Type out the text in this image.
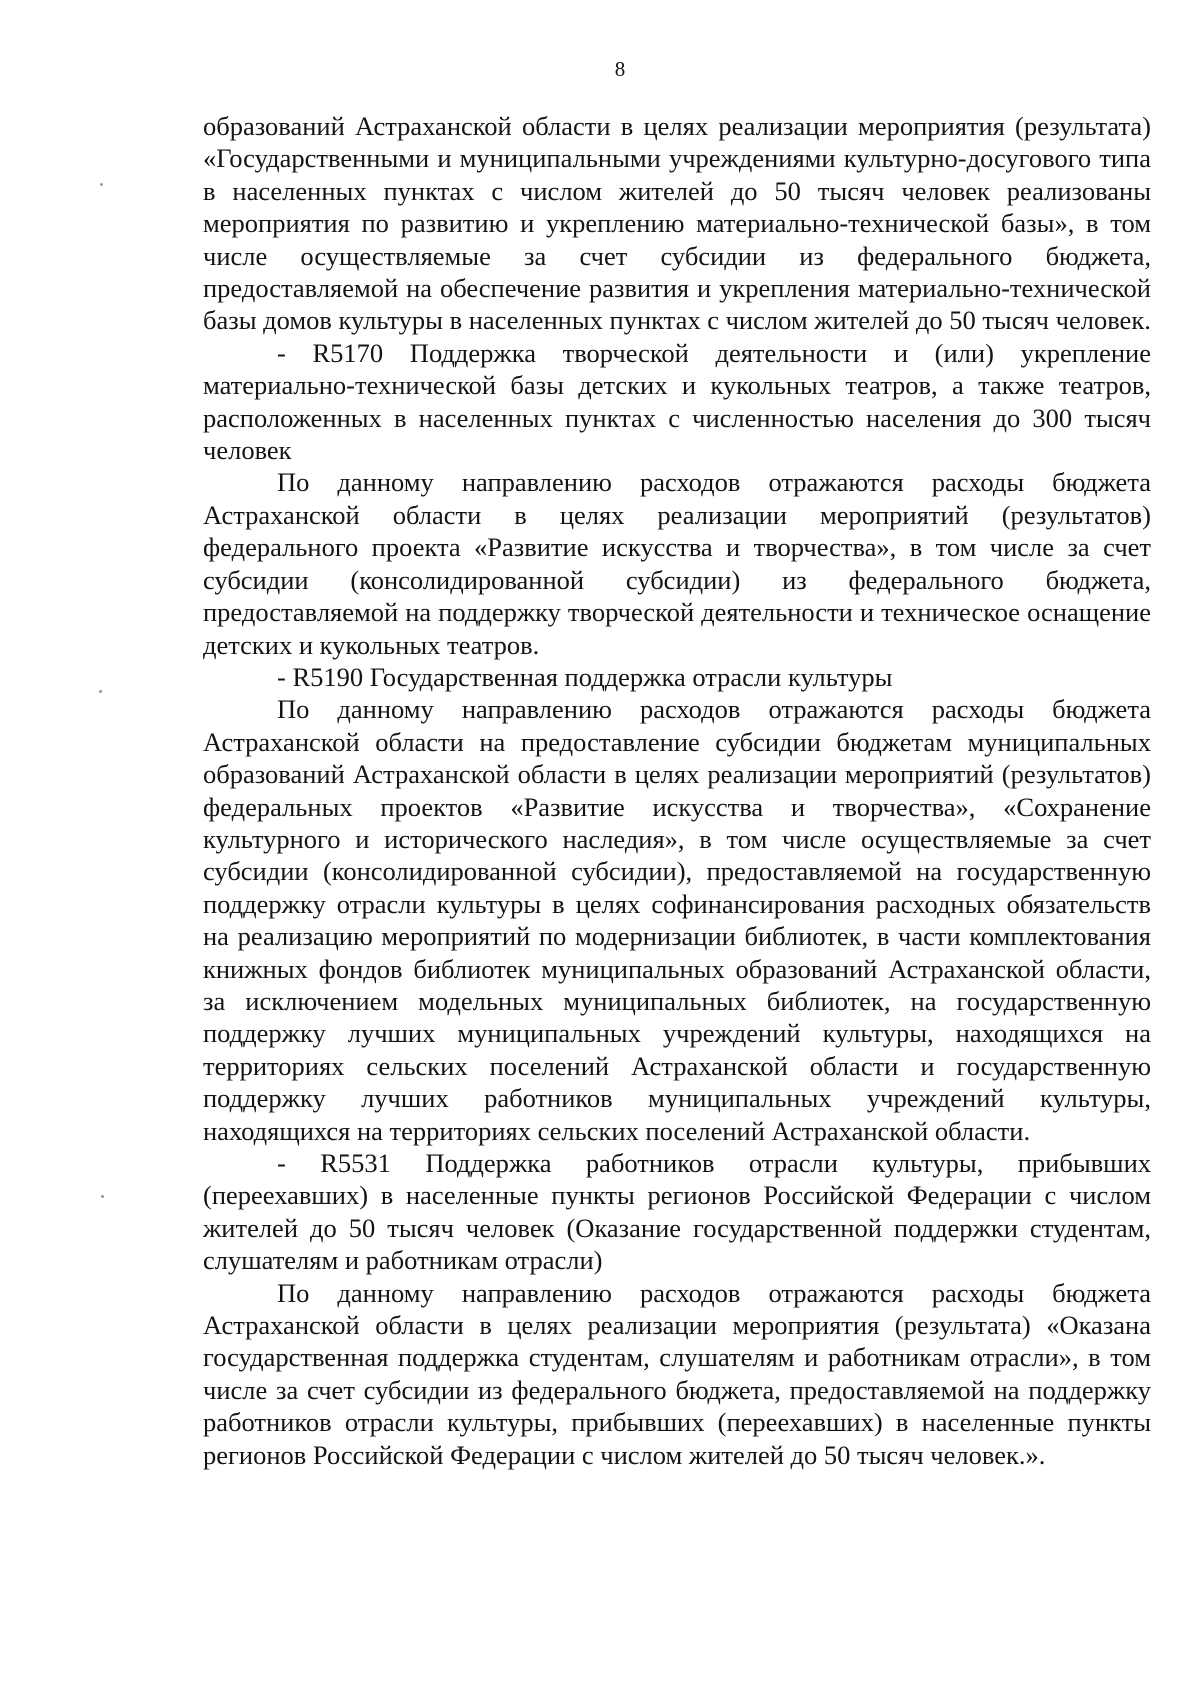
8

образований Астраханской области в целях реализации мероприятия (результата) «Государственными и муниципальными учреждениями культурно-досугового типа в населенных пунктах с числом жителей до 50 тысяч человек реализованы мероприятия по развитию и укреплению материально-технической базы», в том числе осуществляемые за счет субсидии из федерального бюджета, предоставляемой на обеспечение развития и укрепления материально-технической базы домов культуры в населенных пунктах с числом жителей до 50 тысяч человек.

- R5170 Поддержка творческой деятельности и (или) укрепление материально-технической базы детских и кукольных театров, а также театров, расположенных в населенных пунктах с численностью населения до 300 тысяч человек

По данному направлению расходов отражаются расходы бюджета Астраханской области в целях реализации мероприятий (результатов) федерального проекта «Развитие искусства и творчества», в том числе за счет субсидии (консолидированной субсидии) из федерального бюджета, предоставляемой на поддержку творческой деятельности и техническое оснащение детских и кукольных театров.

- R5190 Государственная поддержка отрасли культуры

По данному направлению расходов отражаются расходы бюджета Астраханской области на предоставление субсидии бюджетам муниципальных образований Астраханской области в целях реализации мероприятий (результатов) федеральных проектов «Развитие искусства и творчества», «Сохранение культурного и исторического наследия», в том числе осуществляемые за счет субсидии (консолидированной субсидии), предоставляемой на государственную поддержку отрасли культуры в целях софинансирования расходных обязательств на реализацию мероприятий по модернизации библиотек, в части комплектования книжных фондов библиотек муниципальных образований Астраханской области, за исключением модельных муниципальных библиотек, на государственную поддержку лучших муниципальных учреждений культуры, находящихся на территориях сельских поселений Астраханской области и государственную поддержку лучших работников муниципальных учреждений культуры, находящихся на территориях сельских поселений Астраханской области.

- R5531 Поддержка работников отрасли культуры, прибывших (переехавших) в населенные пункты регионов Российской Федерации с числом жителей до 50 тысяч человек (Оказание государственной поддержки студентам, слушателям и работникам отрасли)

По данному направлению расходов отражаются расходы бюджета Астраханской области в целях реализации мероприятия (результата) «Оказана государственная поддержка студентам, слушателям и работникам отрасли», в том числе за счет субсидии из федерального бюджета, предоставляемой на поддержку работников отрасли культуры, прибывших (переехавших) в населенные пункты регионов Российской Федерации с числом жителей до 50 тысяч человек.».
